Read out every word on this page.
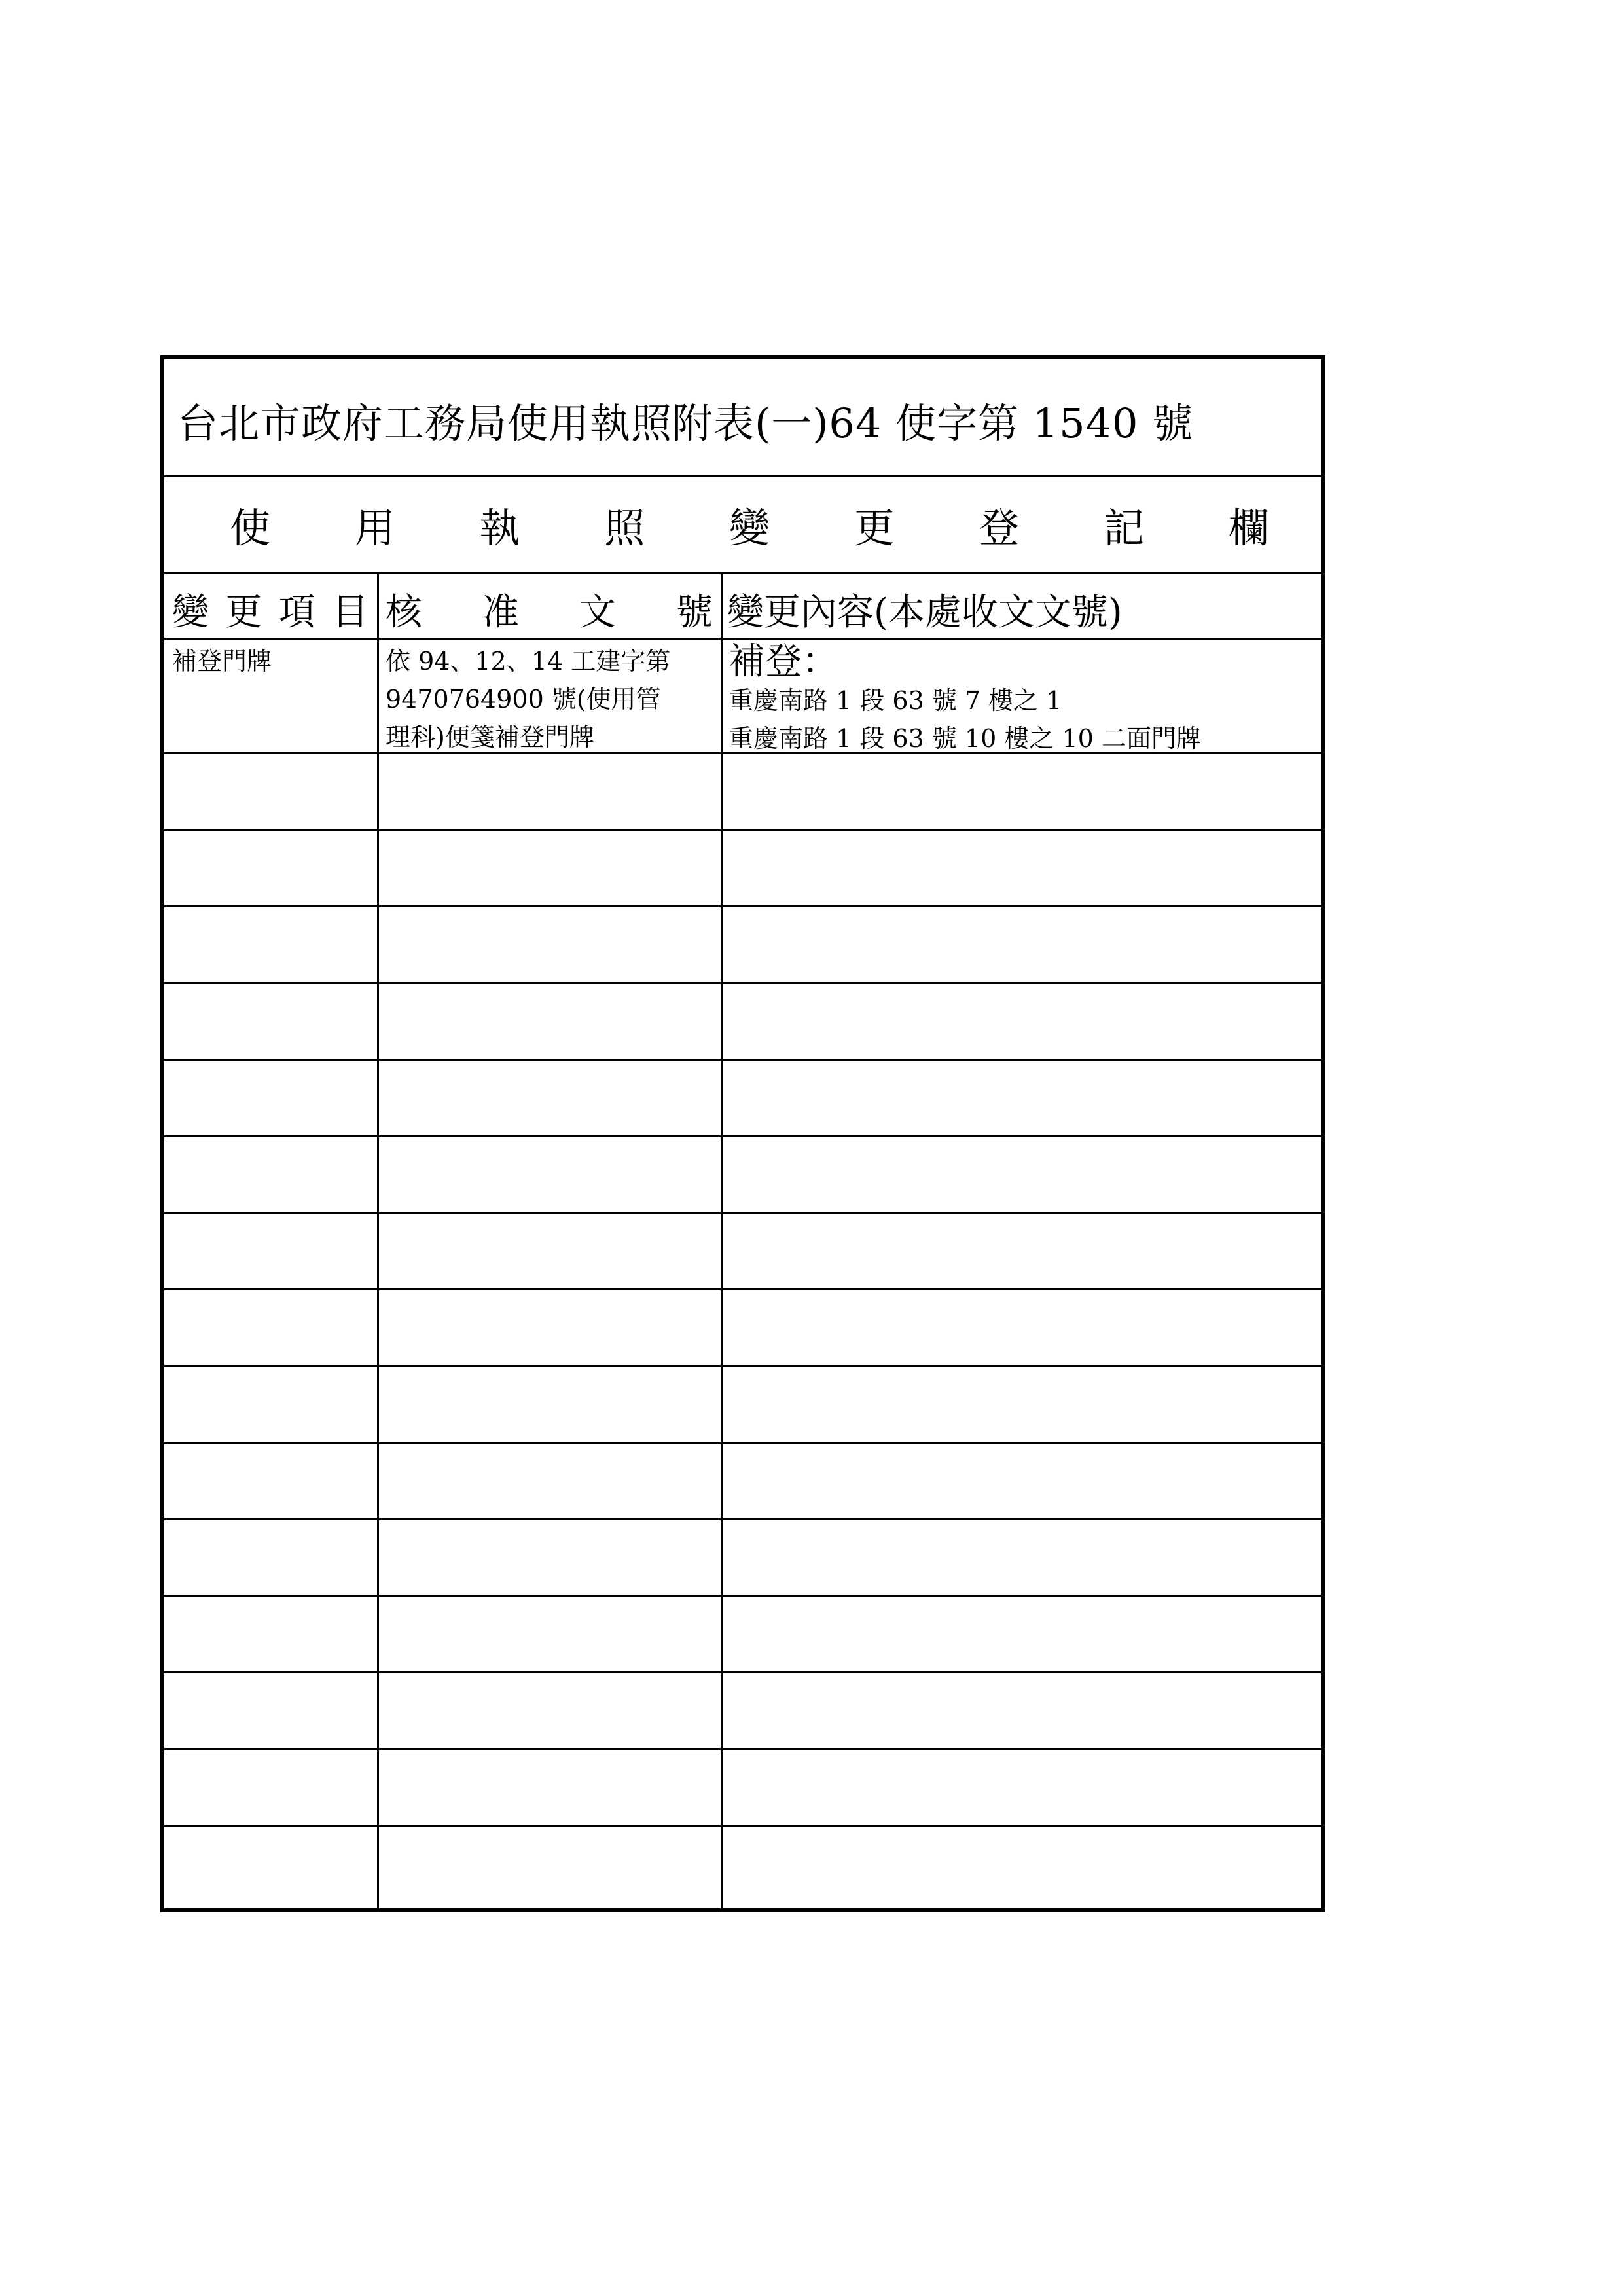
台北市政府工務局使用執照附表(一)64 使字第 1540 號
使 用 執 照 變 更 登 記 欄
變 更 項 目 核 准 文 號 變更內容(本處收文文號)
補登門牌	依 94、12、14 工建字第
9470764900 號(使用管
理科)便箋補登門牌
補登：
重慶南路 1 段 63 號 7 樓之 1
重慶南路 1 段 63 號 10 樓之 10 二面門牌
